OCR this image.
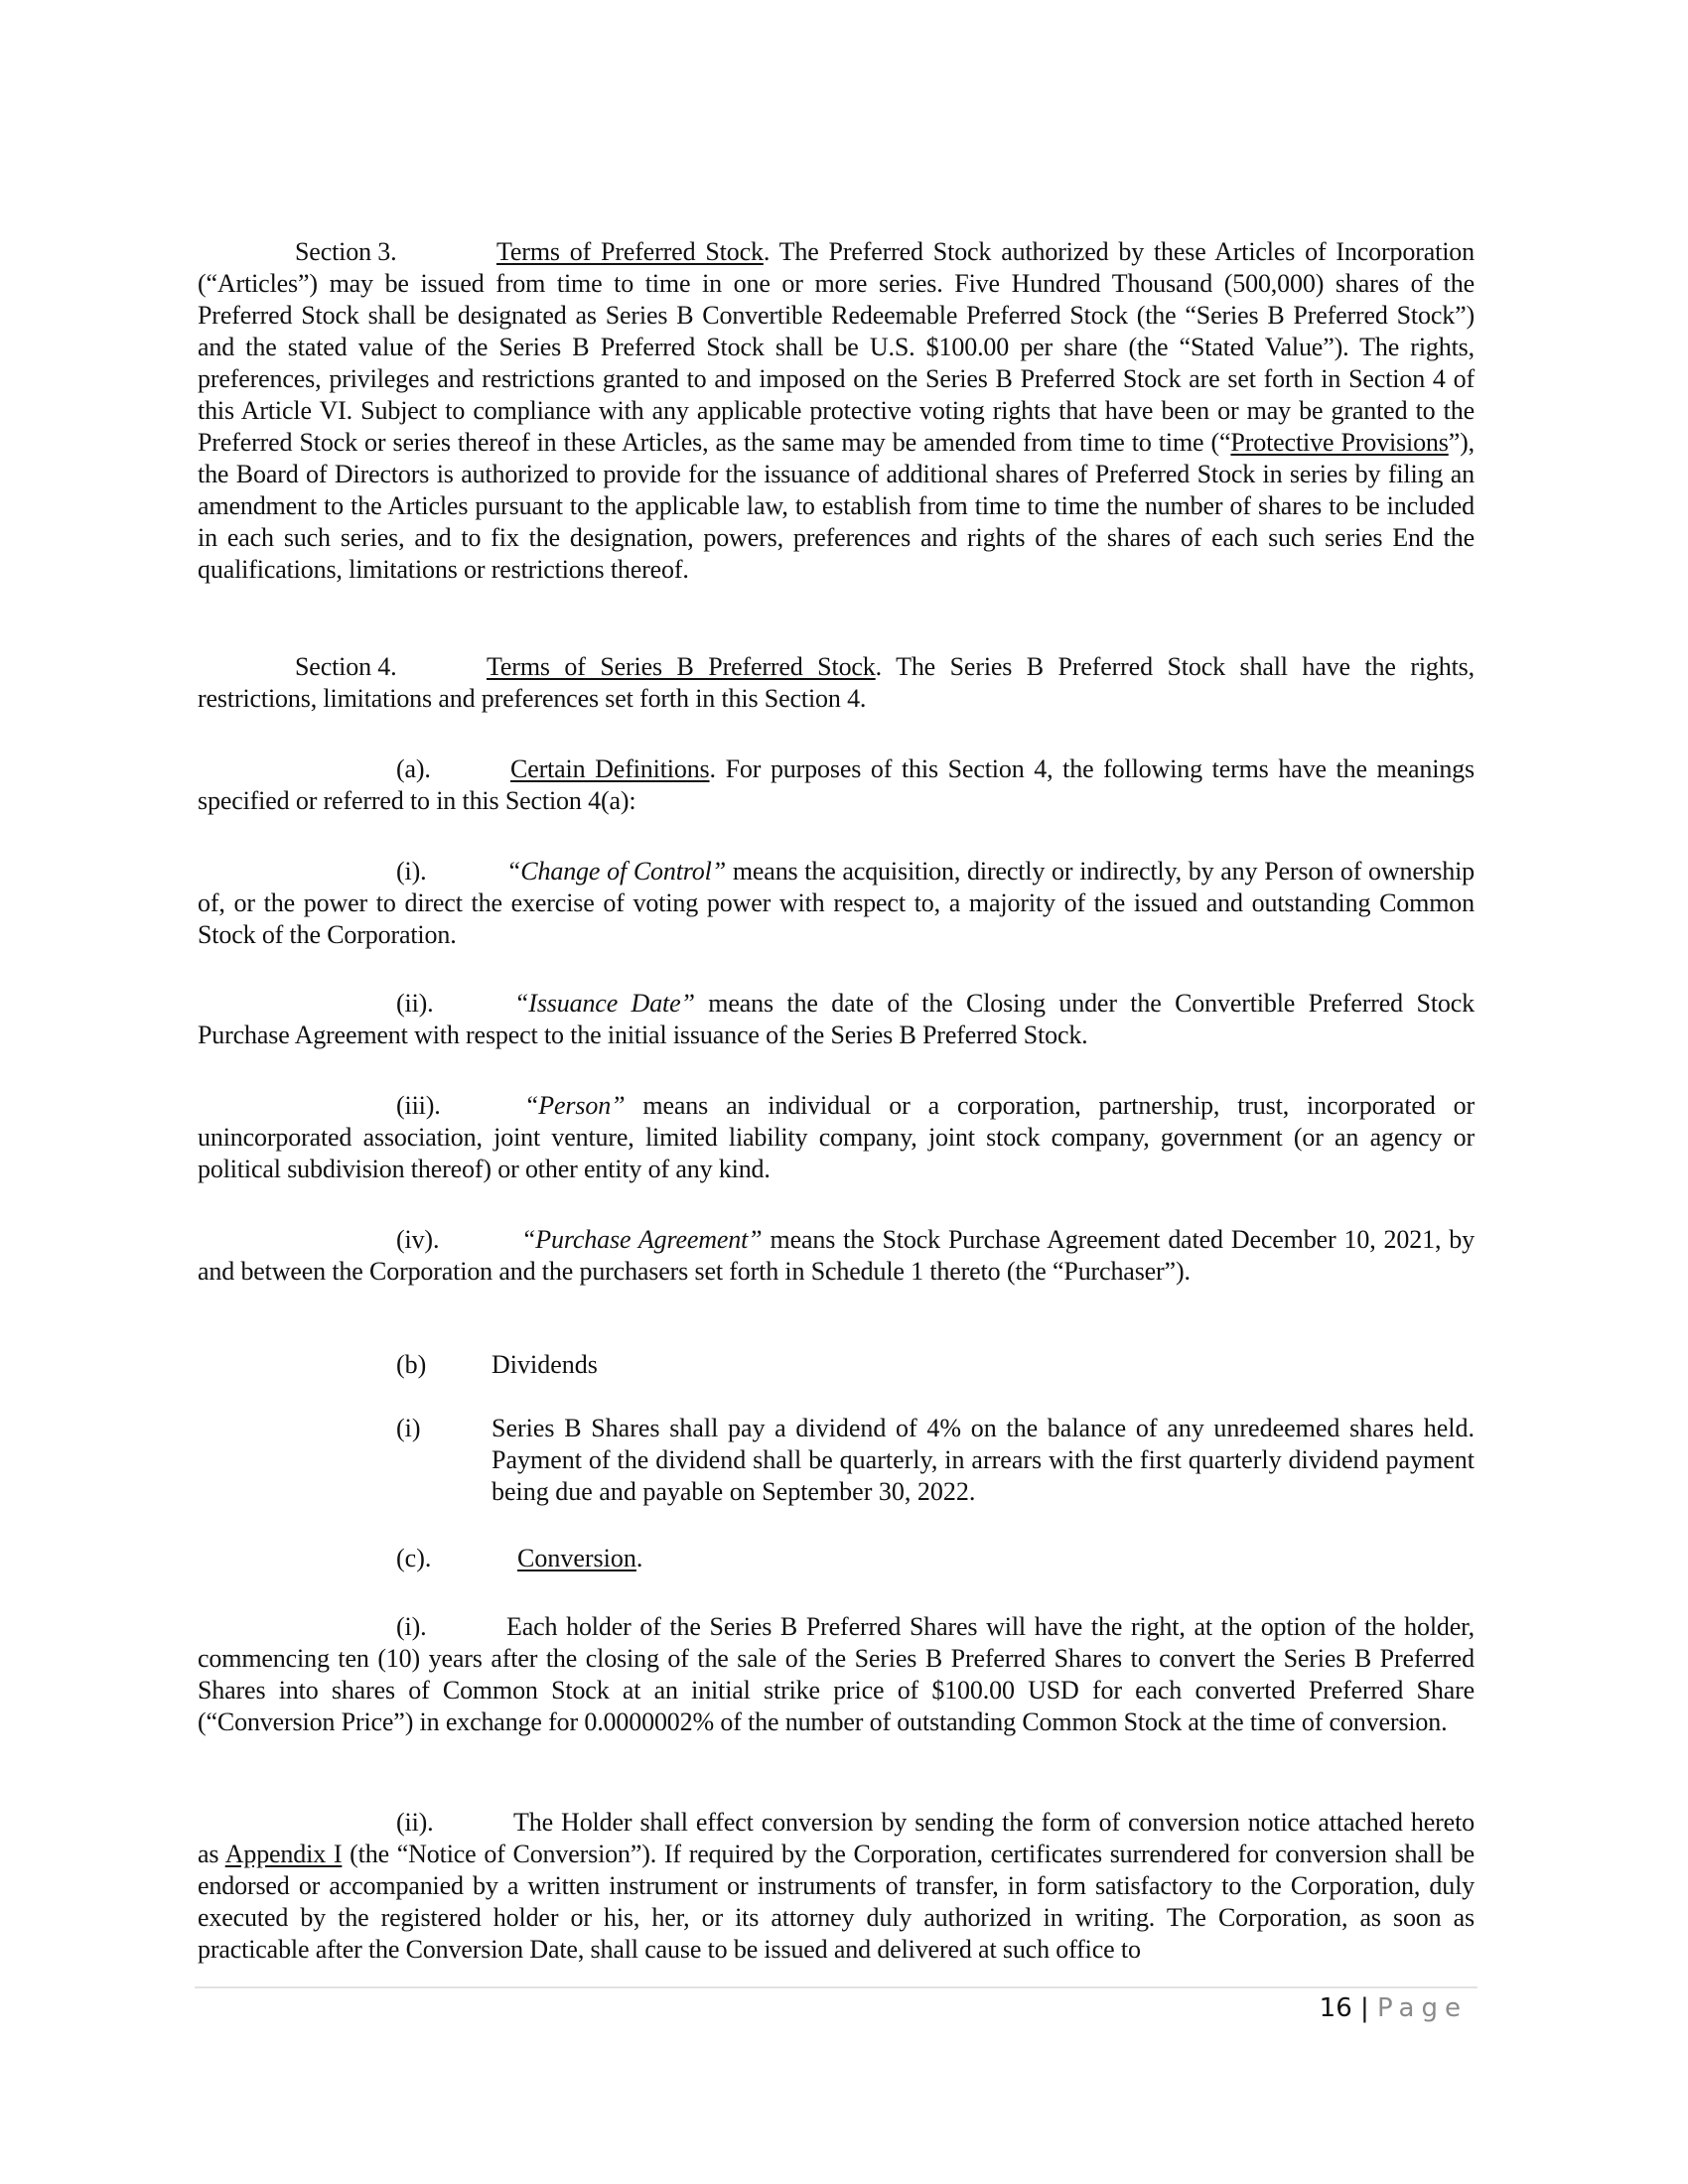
Section 3.	Terms of Preferred Stock. The Preferred Stock authorized by these Articles of Incorporation (“Articles”) may be issued from time to time in one or more series. Five Hundred Thousand (500,000) shares of the Preferred Stock shall be designated as Series B Convertible Redeemable Preferred Stock (the “Series B Preferred Stock”) and the stated value of the Series B Preferred Stock shall be U.S. $100.00 per share (the “Stated Value”). The rights, preferences, privileges and restrictions granted to and imposed on the Series B Preferred Stock are set forth in Section 4 of this Article VI. Subject to compliance with any applicable protective voting rights that have been or may be granted to the Preferred Stock or series thereof in these Articles, as the same may be amended from time to time (“Protective Provisions”), the Board of Directors is authorized to provide for the issuance of additional shares of Preferred Stock in series by filing an amendment to the Articles pursuant to the applicable law, to establish from time to time the number of shares to be included in each such series, and to fix the designation, powers, preferences and rights of the shares of each such series End the qualifications, limitations or restrictions thereof.
Section 4.	Terms of Series B Preferred Stock. The Series B Preferred Stock shall have the rights, restrictions, limitations and preferences set forth in this Section 4.
(a).	Certain Definitions. For purposes of this Section 4, the following terms have the meanings specified or referred to in this Section 4(a):
(i).	“Change of Control” means the acquisition, directly or indirectly, by any Person of ownership of, or the power to direct the exercise of voting power with respect to, a majority of the issued and outstanding Common Stock of the Corporation.
(ii).	“Issuance Date” means the date of the Closing under the Convertible Preferred Stock Purchase Agreement with respect to the initial issuance of the Series B Preferred Stock.
(iii).	“Person” means an individual or a corporation, partnership, trust, incorporated or unincorporated association, joint venture, limited liability company, joint stock company, government (or an agency or political subdivision thereof) or other entity of any kind.
(iv).	“Purchase Agreement” means the Stock Purchase Agreement dated December 10, 2021, by and between the Corporation and the purchasers set forth in Schedule 1 thereto (the “Purchaser”).
(b)	Dividends
(i)	Series B Shares shall pay a dividend of 4% on the balance of any unredeemed shares held. Payment of the dividend shall be quarterly, in arrears with the first quarterly dividend payment being due and payable on September 30, 2022.
(c).	Conversion.
(i).	Each holder of the Series B Preferred Shares will have the right, at the option of the holder, commencing ten (10) years after the closing of the sale of the Series B Preferred Shares to convert the Series B Preferred Shares into shares of Common Stock at an initial strike price of $100.00 USD for each converted Preferred Share (“Conversion Price”) in exchange for 0.0000002% of the number of outstanding Common Stock at the time of conversion.
(ii).	The Holder shall effect conversion by sending the form of conversion notice attached hereto as Appendix I (the “Notice of Conversion”). If required by the Corporation, certificates surrendered for conversion shall be endorsed or accompanied by a written instrument or instruments of transfer, in form satisfactory to the Corporation, duly executed by the registered holder or his, her, or its attorney duly authorized in writing. The Corporation, as soon as practicable after the Conversion Date, shall cause to be issued and delivered at such office to
16 | Page
